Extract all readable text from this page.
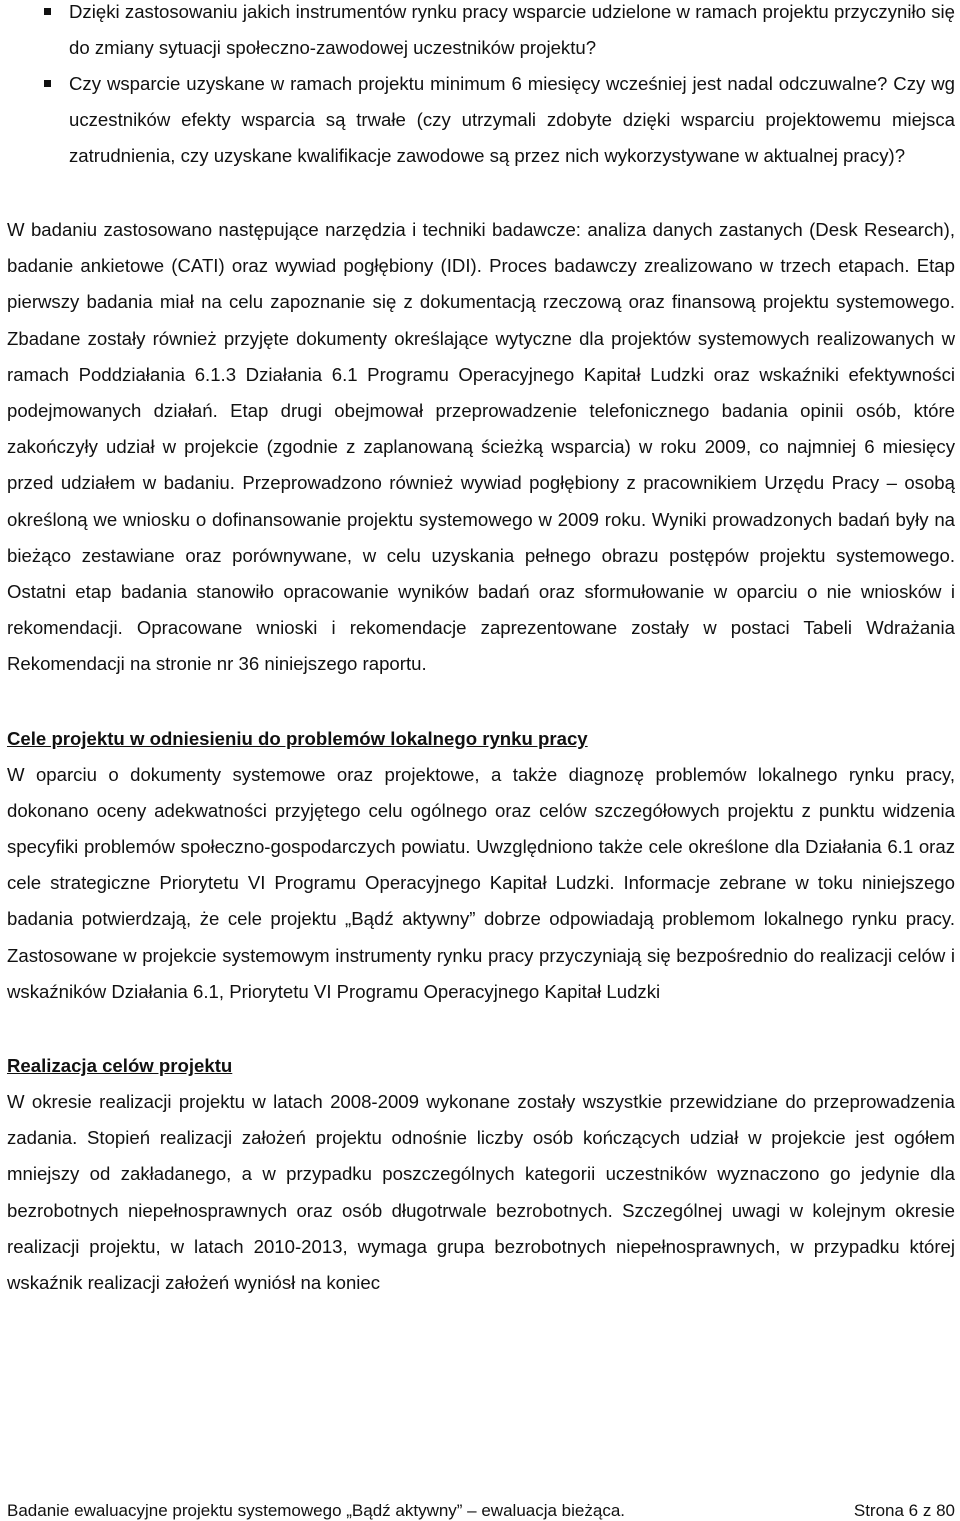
Dzięki zastosowaniu jakich instrumentów rynku pracy wsparcie udzielone w ramach projektu przyczyniło się do zmiany sytuacji społeczno-zawodowej uczestników projektu?
Czy wsparcie uzyskane w ramach projektu minimum 6 miesięcy wcześniej jest nadal odczuwalne? Czy wg uczestników efekty wsparcia są trwałe (czy utrzymali zdobyte dzięki wsparciu projektowemu miejsca zatrudnienia, czy uzyskane kwalifikacje zawodowe są przez nich wykorzystywane w aktualnej pracy)?

W badaniu zastosowano następujące narzędzia i techniki badawcze: analiza danych zastanych (Desk Research), badanie ankietowe (CATI) oraz wywiad pogłębiony (IDI). Proces badawczy zrealizowano w trzech etapach. Etap pierwszy badania miał na celu zapoznanie się z dokumentacją rzeczową oraz finansową projektu systemowego. Zbadane zostały również przyjęte dokumenty określające wytyczne dla projektów systemowych realizowanych w ramach Poddziałania 6.1.3 Działania 6.1 Programu Operacyjnego Kapitał Ludzki oraz wskaźniki efektywności podejmowanych działań. Etap drugi obejmował przeprowadzenie telefonicznego badania opinii osób, które zakończyły udział w projekcie (zgodnie z zaplanowaną ścieżką wsparcia) w roku 2009, co najmniej 6 miesięcy przed udziałem w badaniu. Przeprowadzono również wywiad pogłębiony z pracownikiem Urzędu Pracy – osobą określoną we wniosku o dofinansowanie projektu systemowego w 2009 roku. Wyniki prowadzonych badań były na bieżąco zestawiane oraz porównywane, w celu uzyskania pełnego obrazu postępów projektu systemowego. Ostatni etap badania stanowiło opracowanie wyników badań oraz sformułowanie w oparciu o nie wniosków i rekomendacji. Opracowane wnioski i rekomendacje zaprezentowane zostały w postaci Tabeli Wdrażania Rekomendacji na stronie nr 36 niniejszego raportu.

Cele projektu w odniesieniu do problemów lokalnego rynku pracy

W oparciu o dokumenty systemowe oraz projektowe, a także diagnozę problemów lokalnego rynku pracy, dokonano oceny adekwatności przyjętego celu ogólnego oraz celów szczegółowych projektu z punktu widzenia specyfiki problemów społeczno-gospodarczych powiatu. Uwzględniono także cele określone dla Działania 6.1 oraz cele strategiczne Priorytetu VI Programu Operacyjnego Kapitał Ludzki. Informacje zebrane w toku niniejszego badania potwierdzają, że cele projektu „Bądź aktywny” dobrze odpowiadają problemom lokalnego rynku pracy. Zastosowane w projekcie systemowym instrumenty rynku pracy przyczyniają się bezpośrednio do realizacji celów i wskaźników Działania 6.1, Priorytetu VI Programu Operacyjnego Kapitał Ludzki

Realizacja celów projektu

W okresie realizacji projektu w latach 2008-2009 wykonane zostały wszystkie przewidziane do przeprowadzenia zadania. Stopień realizacji założeń projektu odnośnie liczby osób kończących udział w projekcie jest ogółem mniejszy od zakładanego, a w przypadku poszczególnych kategorii uczestników wyznaczono go jedynie dla bezrobotnych niepełnosprawnych oraz osób długotrwale bezrobotnych. Szczególnej uwagi w kolejnym okresie realizacji projektu, w latach 2010-2013, wymaga grupa bezrobotnych niepełnosprawnych, w przypadku której wskaźnik realizacji założeń wyniósł na koniec

Badanie ewaluacyjne projektu systemowego „Bądź aktywny” – ewaluacja bieżąca.	Strona 6 z 80
